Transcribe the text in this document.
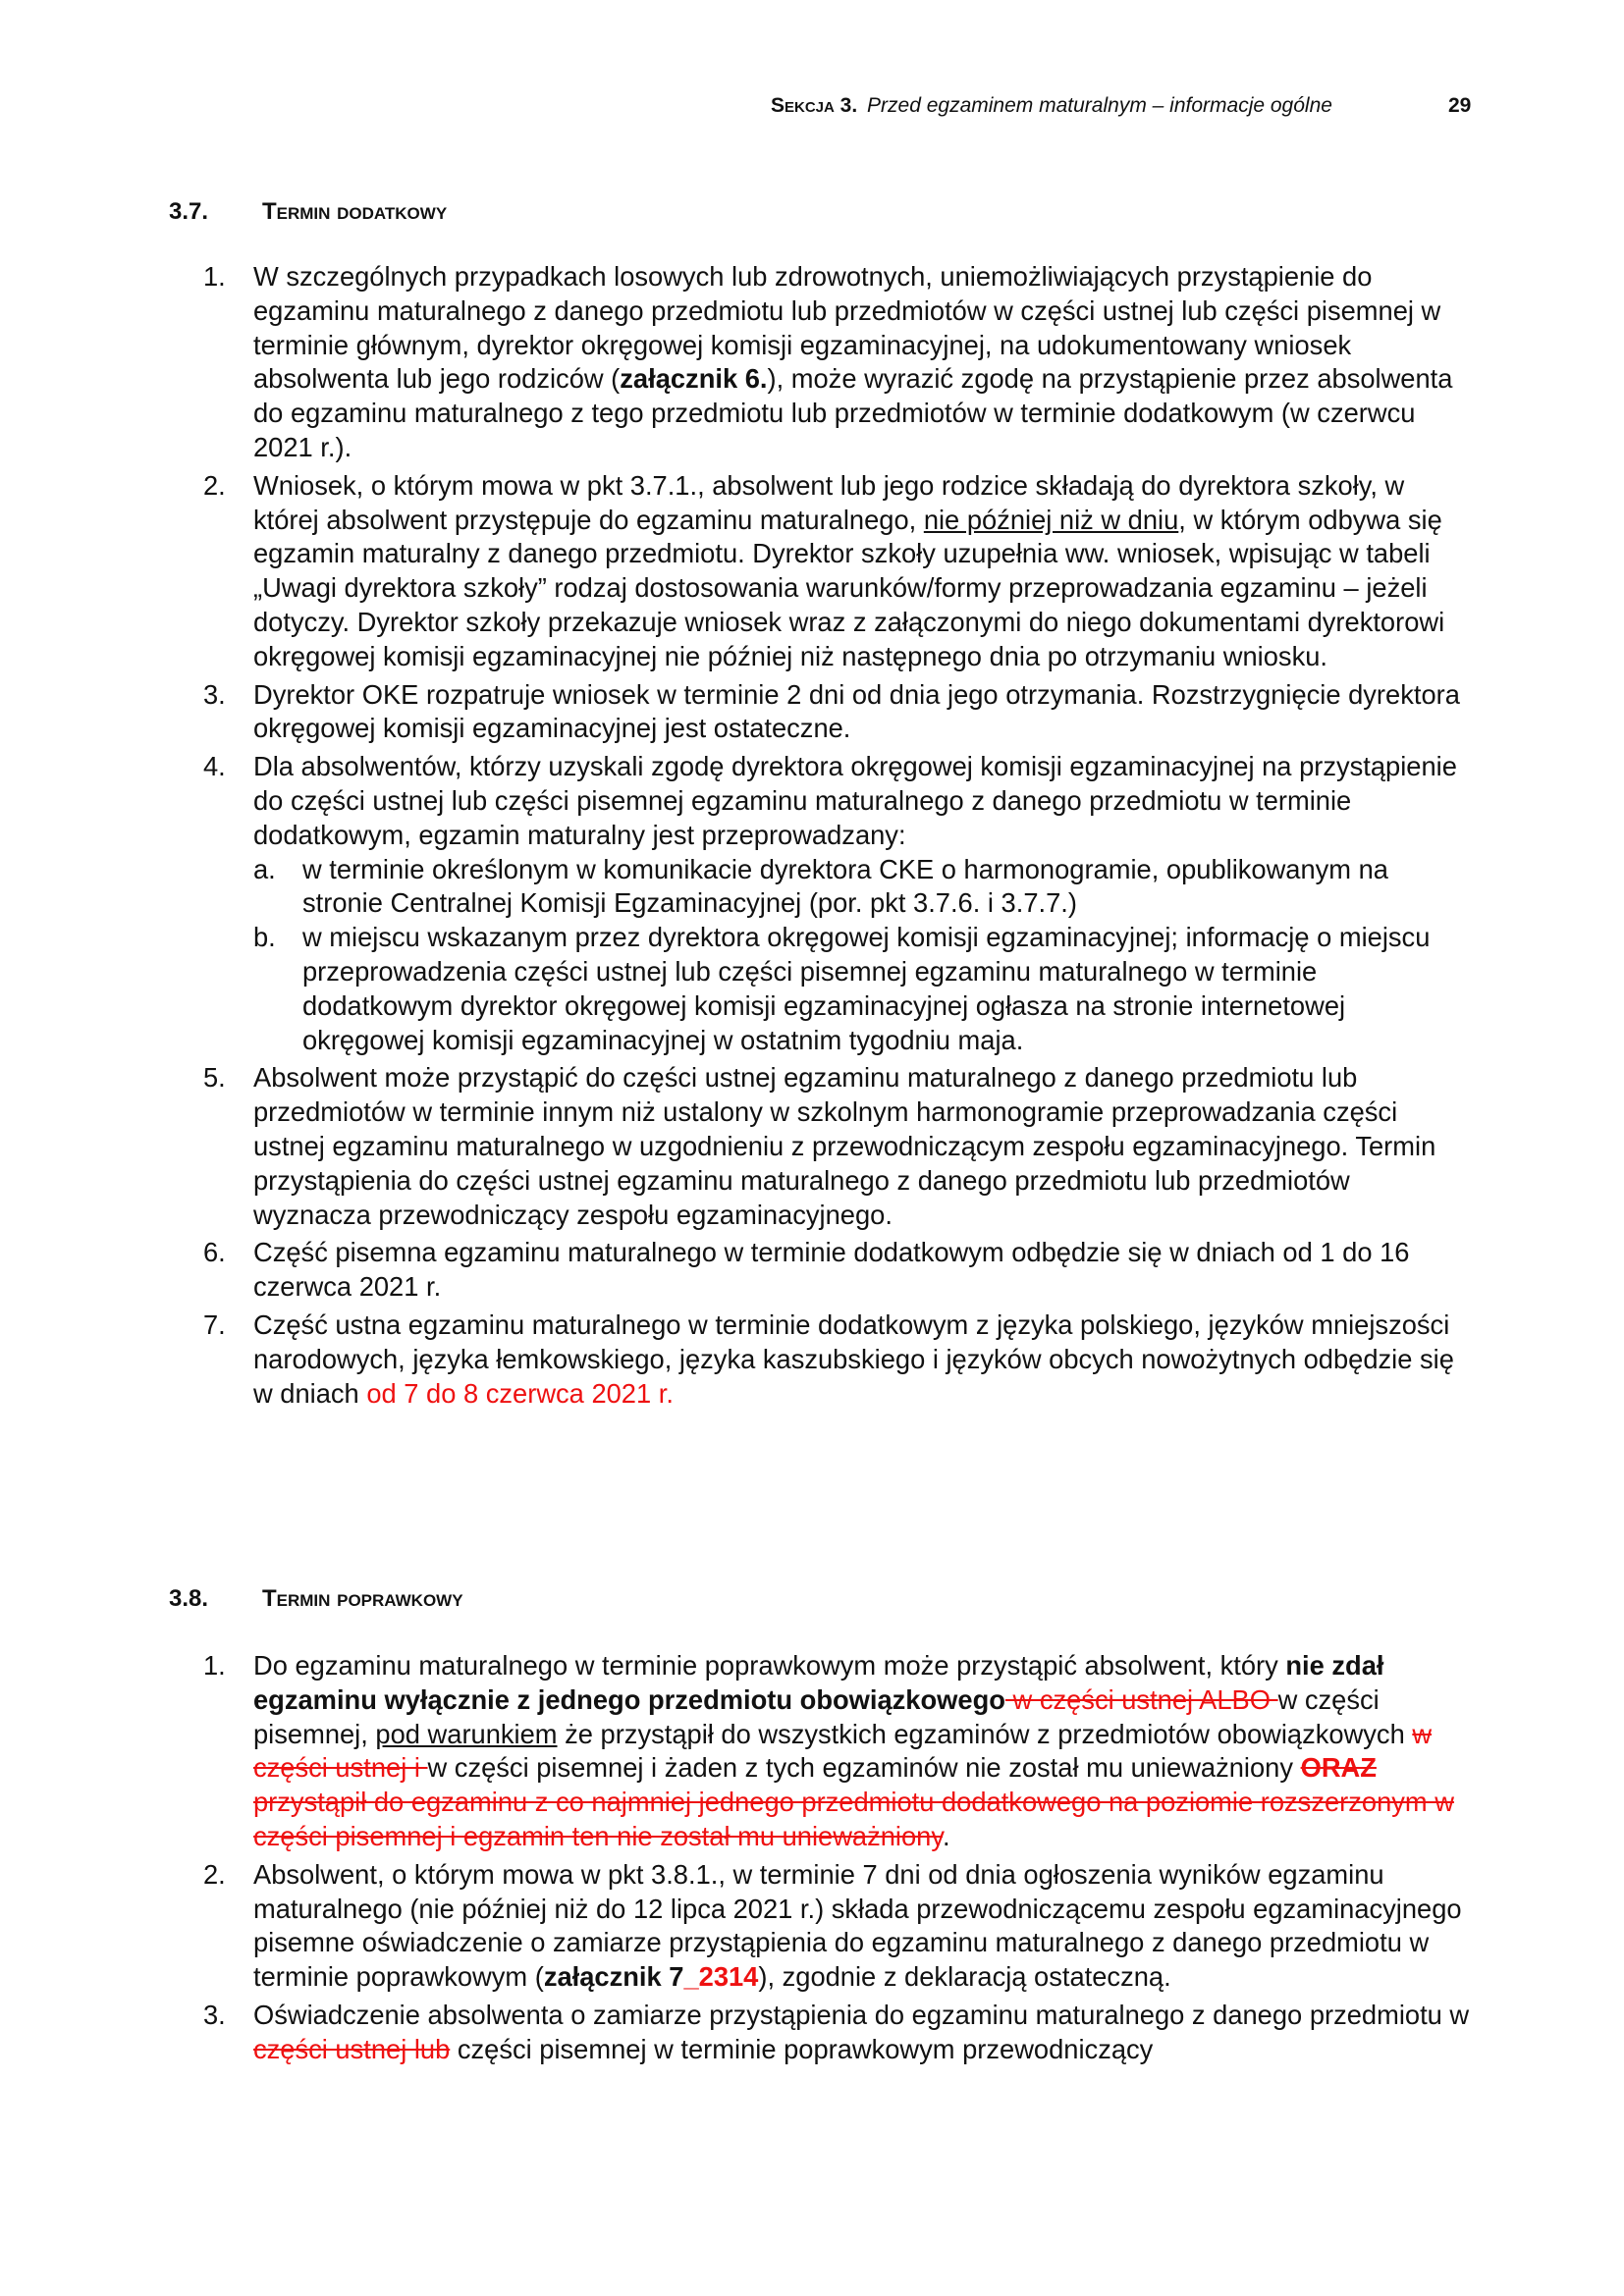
Sekcja 3. Przed egzaminem maturalnym – informacje ogólne	29
3.7. Termin dodatkowy
1. W szczególnych przypadkach losowych lub zdrowotnych, uniemożliwiających przystąpienie do egzaminu maturalnego z danego przedmiotu lub przedmiotów w części ustnej lub części pisemnej w terminie głównym, dyrektor okręgowej komisji egzaminacyjnej, na udokumentowany wniosek absolwenta lub jego rodziców (załącznik 6.), może wyrazić zgodę na przystąpienie przez absolwenta do egzaminu maturalnego z tego przedmiotu lub przedmiotów w terminie dodatkowym (w czerwcu 2021 r.).
2. Wniosek, o którym mowa w pkt 3.7.1., absolwent lub jego rodzice składają do dyrektora szkoły, w której absolwent przystępuje do egzaminu maturalnego, nie później niż w dniu, w którym odbywa się egzamin maturalny z danego przedmiotu. Dyrektor szkoły uzupełnia ww. wniosek, wpisując w tabeli „Uwagi dyrektora szkoły” rodzaj dostosowania warunków/formy przeprowadzania egzaminu – jeżeli dotyczy. Dyrektor szkoły przekazuje wniosek wraz z załączonymi do niego dokumentami dyrektorowi okręgowej komisji egzaminacyjnej nie później niż następnego dnia po otrzymaniu wniosku.
3. Dyrektor OKE rozpatruje wniosek w terminie 2 dni od dnia jego otrzymania. Rozstrzygnięcie dyrektora okręgowej komisji egzaminacyjnej jest ostateczne.
4. Dla absolwentów, którzy uzyskali zgodę dyrektora okręgowej komisji egzaminacyjnej na przystąpienie do części ustnej lub części pisemnej egzaminu maturalnego z danego przedmiotu w terminie dodatkowym, egzamin maturalny jest przeprowadzany:
a. w terminie określonym w komunikacie dyrektora CKE o harmonogramie, opublikowanym na stronie Centralnej Komisji Egzaminacyjnej (por. pkt 3.7.6. i 3.7.7.)
b. w miejscu wskazanym przez dyrektora okręgowej komisji egzaminacyjnej; informację o miejscu przeprowadzenia części ustnej lub części pisemnej egzaminu maturalnego w terminie dodatkowym dyrektor okręgowej komisji egzaminacyjnej ogłasza na stronie internetowej okręgowej komisji egzaminacyjnej w ostatnim tygodniu maja.
5. Absolwent może przystąpić do części ustnej egzaminu maturalnego z danego przedmiotu lub przedmiotów w terminie innym niż ustalony w szkolnym harmonogramie przeprowadzania części ustnej egzaminu maturalnego w uzgodnieniu z przewodniczącym zespołu egzaminacyjnego. Termin przystąpienia do części ustnej egzaminu maturalnego z danego przedmiotu lub przedmiotów wyznacza przewodniczący zespołu egzaminacyjnego.
6. Część pisemna egzaminu maturalnego w terminie dodatkowym odbędzie się w dniach od 1 do 16 czerwca 2021 r.
7. Część ustna egzaminu maturalnego w terminie dodatkowym z języka polskiego, języków mniejszości narodowych, języka łemkowskiego, języka kaszubskiego i języków obcych nowożytnych odbędzie się w dniach od 7 do 8 czerwca 2021 r.
3.8. Termin poprawkowy
1. Do egzaminu maturalnego w terminie poprawkowym może przystąpić absolwent, który nie zdał egzaminu wyłącznie z jednego przedmiotu obowiązkowego w części ustnej ALBO w części pisemnej, pod warunkiem że przystąpił do wszystkich egzaminów z przedmiotów obowiązkowych w części ustnej i w części pisemnej i żaden z tych egzaminów nie został mu unieważniony ORAZ przystąpił do egzaminu z co najmniej jednego przedmiotu dodatkowego na poziomie rozszerzonym w części pisemnej i egzamin ten nie został mu unieważniony.
2. Absolwent, o którym mowa w pkt 3.8.1., w terminie 7 dni od dnia ogłoszenia wyników egzaminu maturalnego (nie później niż do 12 lipca 2021 r.) składa przewodniczącemu zespołu egzaminacyjnego pisemne oświadczenie o zamiarze przystąpienia do egzaminu maturalnego z danego przedmiotu w terminie poprawkowym (załącznik 7_2314), zgodnie z deklaracją ostateczną.
3. Oświadczenie absolwenta o zamiarze przystąpienia do egzaminu maturalnego z danego przedmiotu w części ustnej lub części pisemnej w terminie poprawkowym przewodniczący
